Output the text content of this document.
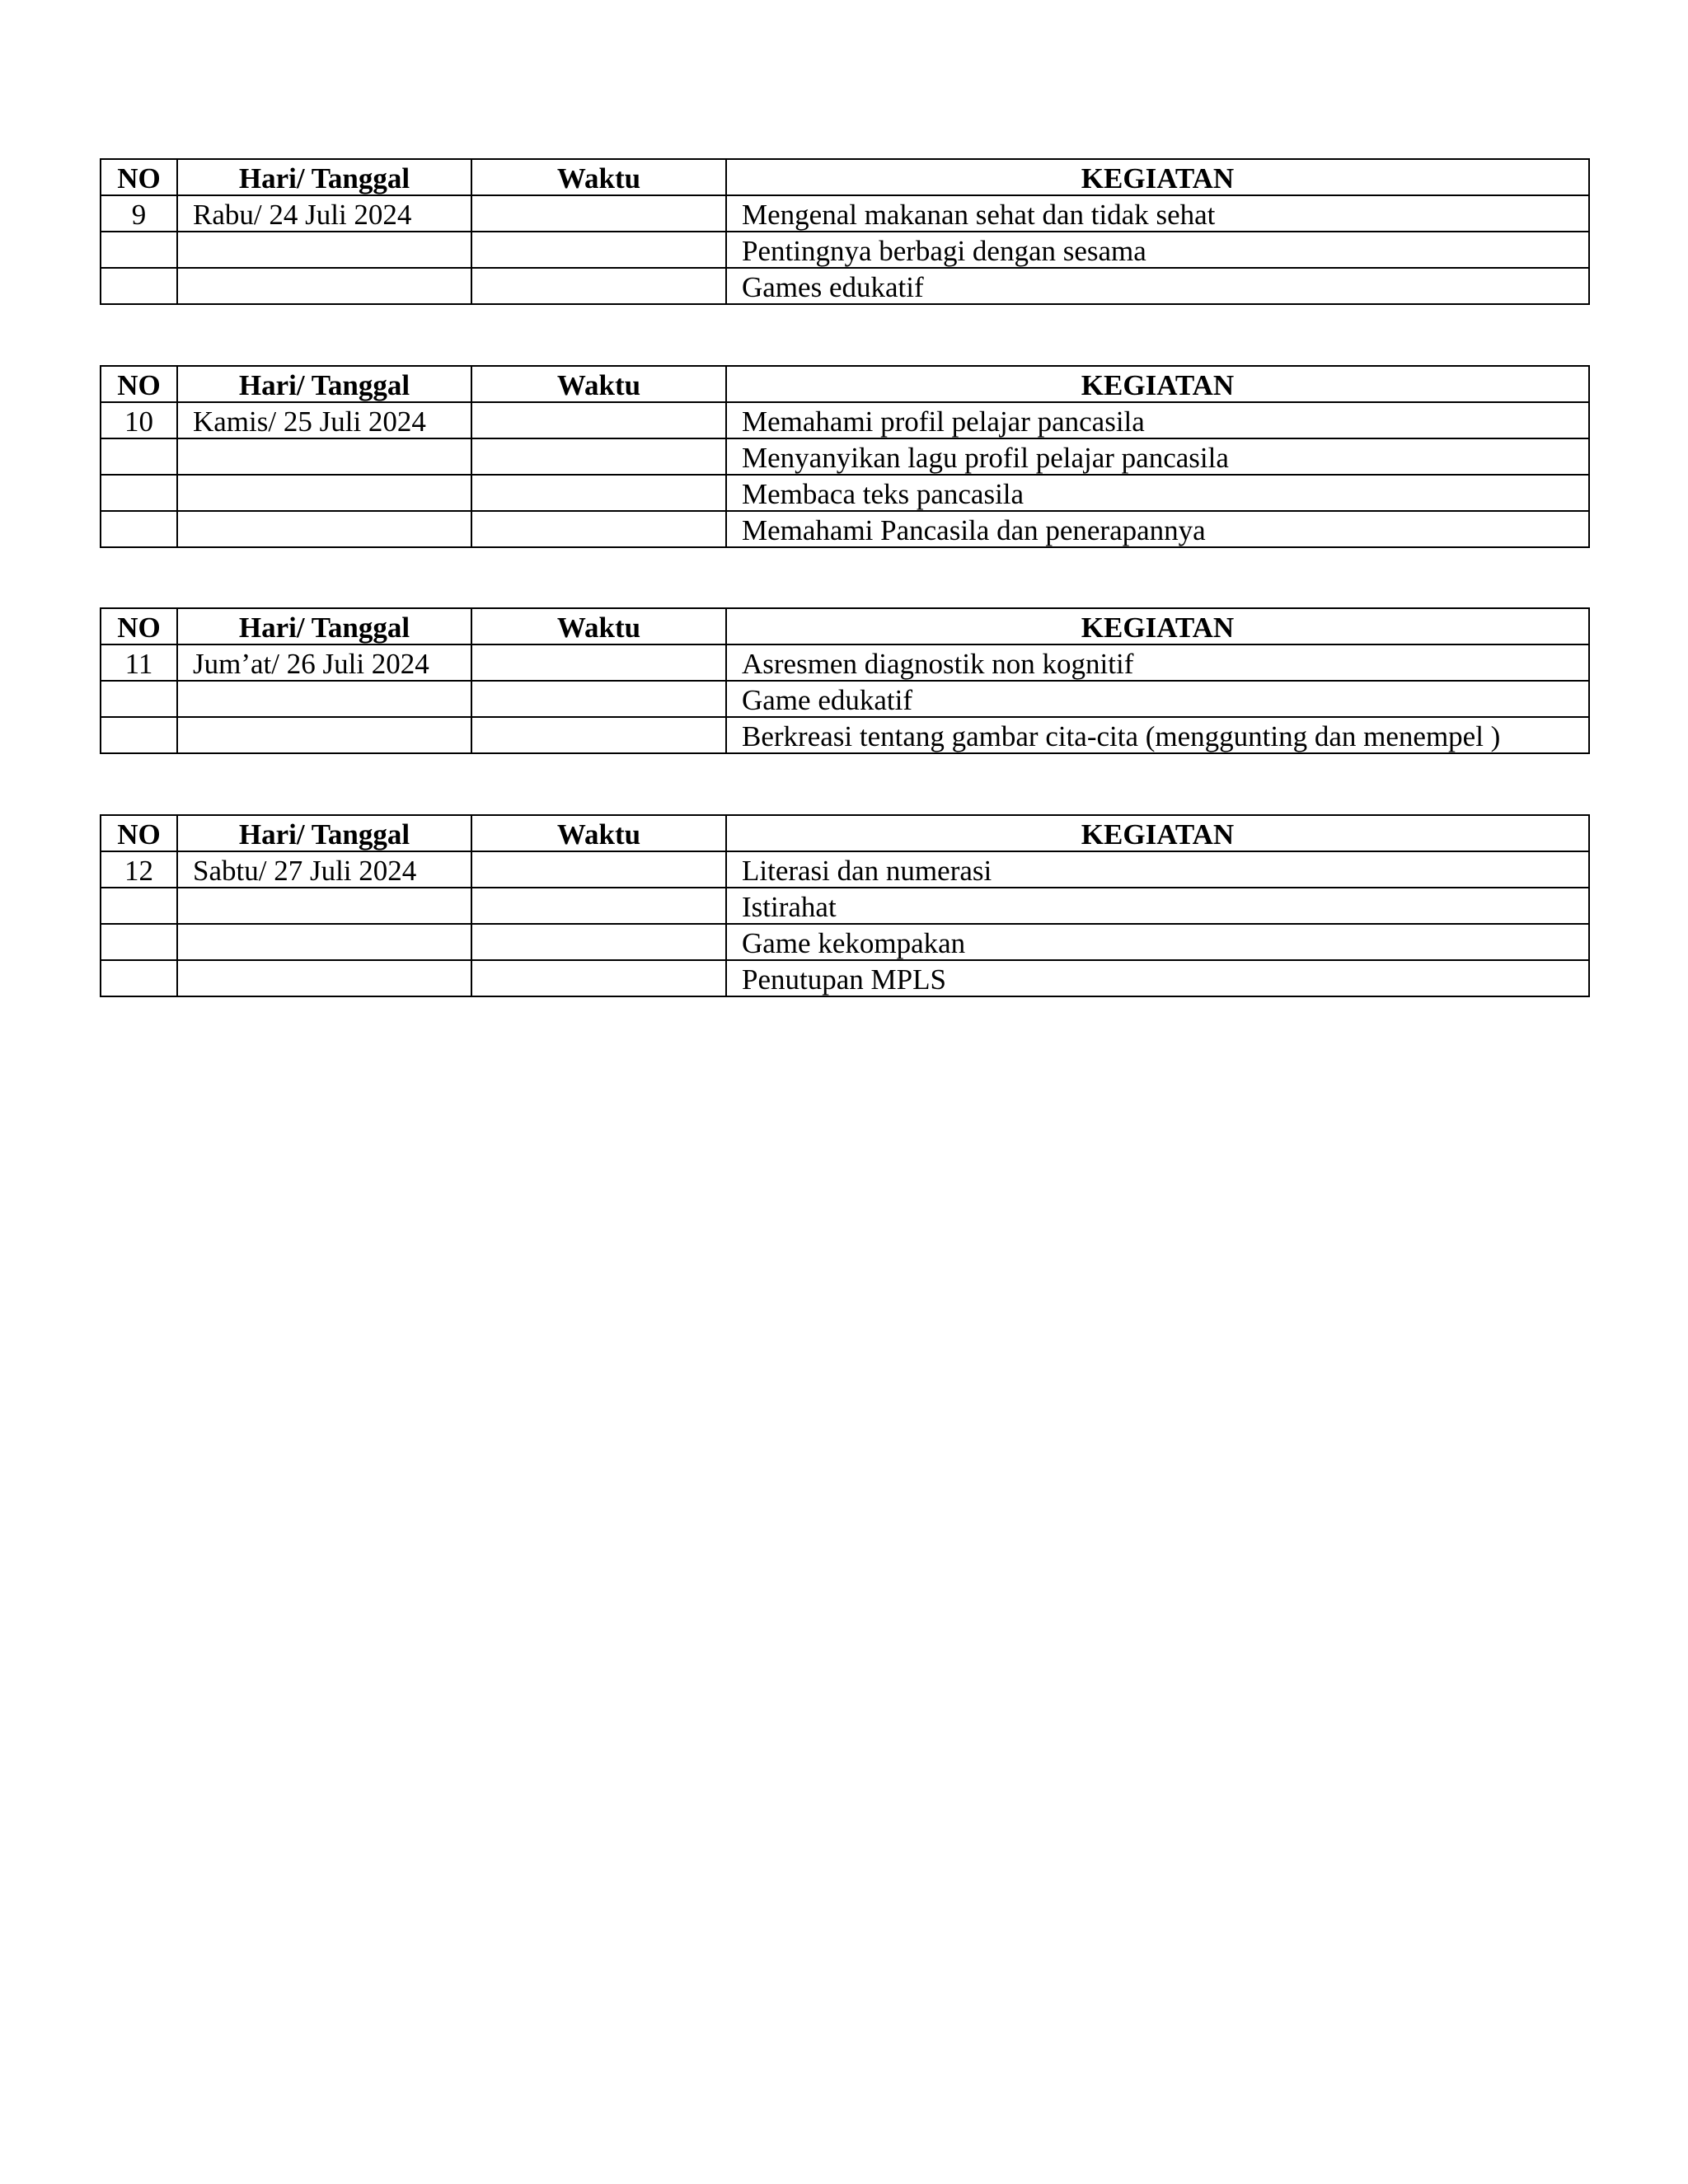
NO	Hari/ Tanggal	Waktu	KEGIATAN
9	Rabu/ 24 Juli 2024		Mengenal makanan sehat dan tidak sehat
			Pentingnya berbagi dengan sesama
			Games edukatif
NO	Hari/ Tanggal	Waktu	KEGIATAN
10	Kamis/ 25 Juli 2024		Memahami profil pelajar pancasila
			Menyanyikan lagu profil pelajar pancasila
			Membaca teks pancasila
			Memahami Pancasila dan penerapannya
NO	Hari/ Tanggal	Waktu	KEGIATAN
11	Jum’at/ 26 Juli 2024		Asresmen diagnostik non kognitif
			Game edukatif
			Berkreasi tentang gambar cita-cita (menggunting dan menempel )
NO	Hari/ Tanggal	Waktu	KEGIATAN
12	Sabtu/ 27 Juli 2024		Literasi dan numerasi
			Istirahat
			Game kekompakan
			Penutupan MPLS
